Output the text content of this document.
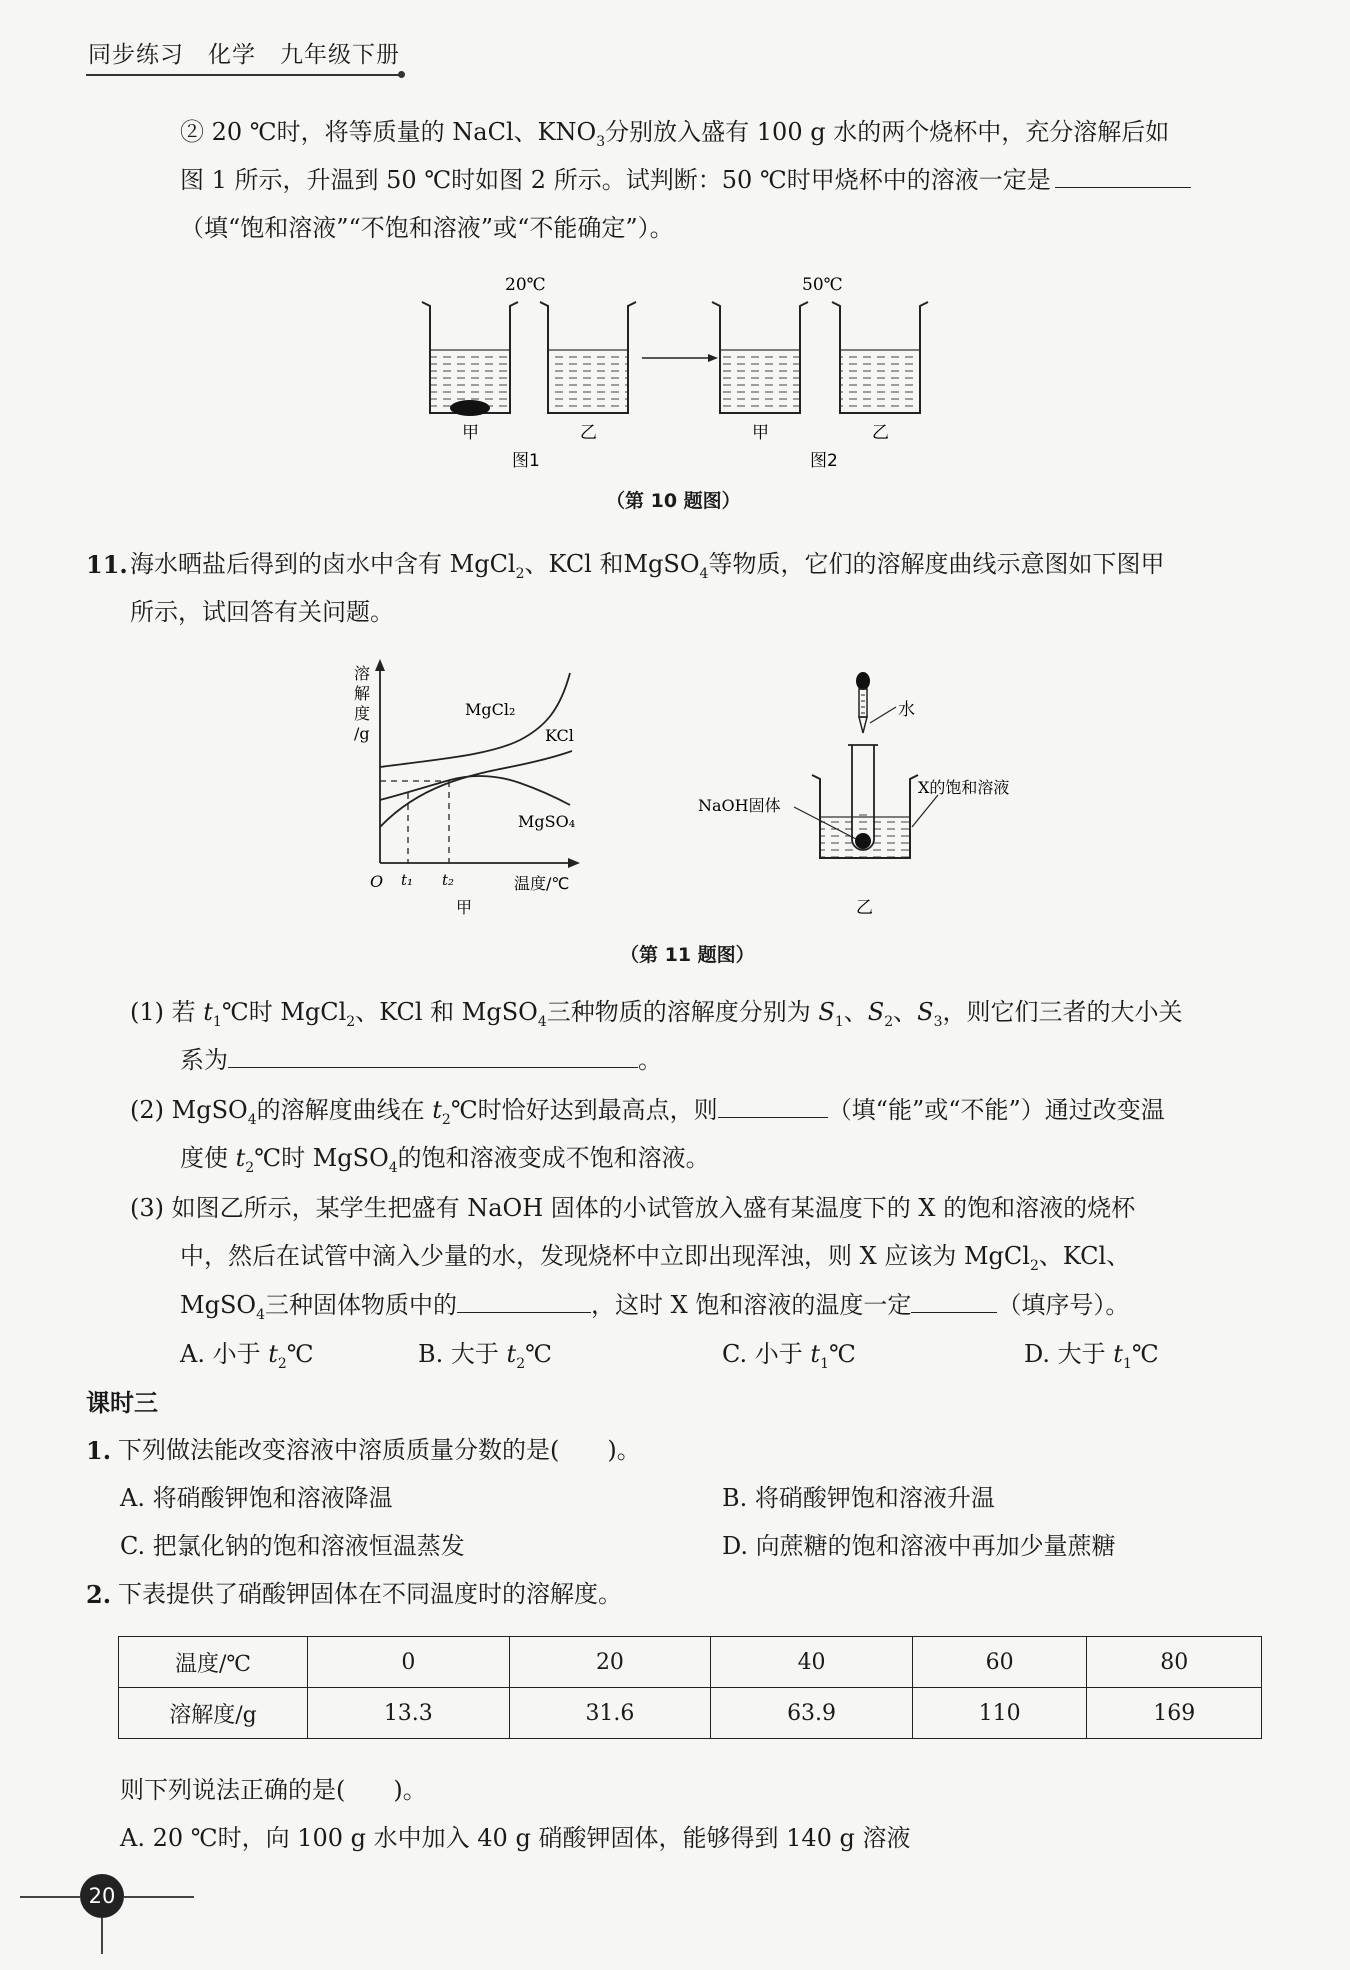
同步练习　化学　九年级下册
② 20 ℃时，将等质量的 NaCl、$KNO_3$分别放入盛有 100 g 水的两个烧杯中，充分溶解后如
图 1 所示，升温到 50 ℃时如图 2 所示。试判断：50 ℃时甲烧杯中的溶液一定是
（填“饱和溶液”“不饱和溶液”或“不能确定”）。
20℃	50℃
甲	乙	甲	乙
图1	图2
（第 10 题图）
11. 海水晒盐后得到的卤水中含有 MgCl$_2$、KCl 和MgSO$_4$等物质，它们的溶解度曲线示意图如下图甲
所示，试回答有关问题。
溶
解
度
/g
MgCl₂
KCl
MgSO₄
O t₁ t₂	温度/℃
甲
水
NaOH固体
X的饱和溶液
乙
（第 11 题图）
(1) 若 $t_1℃$时 MgCl$_2$、KCl 和 MgSO$_4$三种物质的溶解度分别为 $S_1$、$S_2$、$S_3$，则它们三者的大小关
系为	。
(2) MgSO$_4$的溶解度曲线在 $t_2℃$时恰好达到最高点，则	（填“能”或“不能”）通过改变温
度使 $t_2℃$时 MgSO$_4$的饱和溶液变成不饱和溶液。
(3) 如图乙所示，某学生把盛有 NaOH 固体的小试管放入盛有某温度下的 X 的饱和溶液的烧杯
中，然后在试管中滴入少量的水，发现烧杯中立即出现浑浊，则 X 应该为 MgCl$_2$、KCl、
MgSO$_4$三种固体物质中的	，这时 X 饱和溶液的温度一定	（填序号）。
A. 小于 $t_2℃$	B. 大于 $t_2℃$	C. 小于 $t_1℃$	D. 大于 $t_1℃$
课时三
1. 下列做法能改变溶液中溶质质量分数的是(　　)。
A. 将硝酸钾饱和溶液降温	B. 将硝酸钾饱和溶液升温
C. 把氯化钠的饱和溶液恒温蒸发	D. 向蔗糖的饱和溶液中再加少量蔗糖
2. 下表提供了硝酸钾固体在不同温度时的溶解度。
温度/℃	0	20	40	60	80
溶解度/g	13.3	31.6	63.9	110	169
则下列说法正确的是(　　)。
A. 20 ℃时，向 100 g 水中加入 40 g 硝酸钾固体，能够得到 140 g 溶液
20
